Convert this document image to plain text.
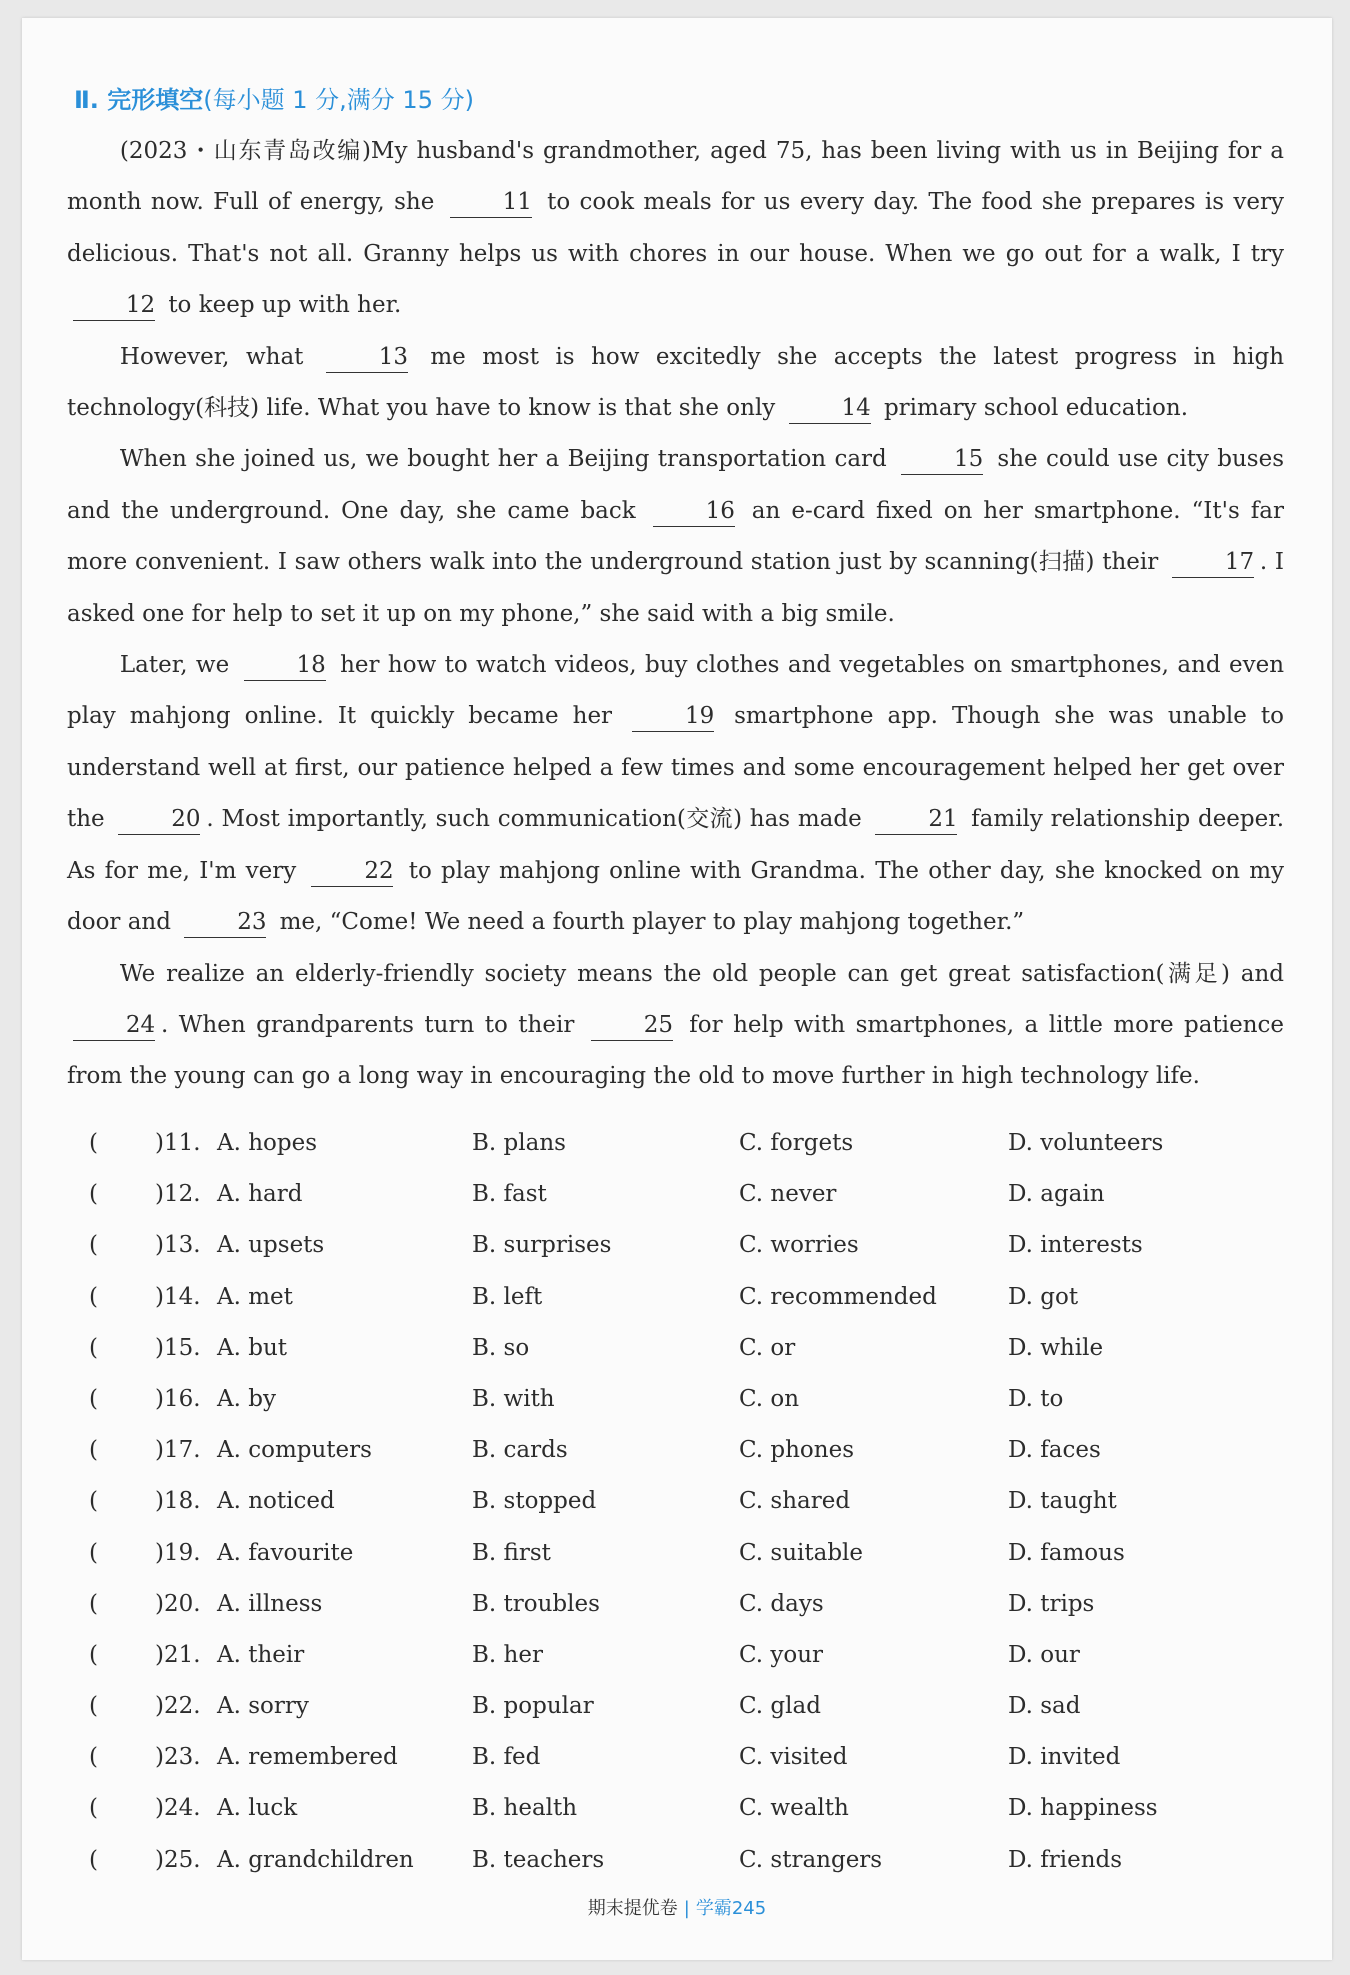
Ⅱ. 完形填空(每小题 1 分,满分 15 分)

(2023・山东青岛改编)My husband's grandmother, aged 75, has been living with us in Beijing for a month now. Full of energy, she	11 to cook meals for us every day. The food she prepares is very delicious. That's not all. Granny helps us with chores in our house. When we go out for a walk, I try 12 to keep up with her.

However, what	13 me most is how excitedly she accepts the latest progress in high technology(科技) life. What you have to know is that she only	14 primary school education.

When she joined us, we bought her a Beijing transportation card	15 she could use city buses and the underground. One day, she came back	16 an e-card fixed on her smartphone. “It's far more convenient. I saw others walk into the underground station just by scanning(扫描) their	17 . I asked one for help to set it up on my phone,” she said with a big smile.

Later, we	18 her how to watch videos, buy clothes and vegetables on smartphones, and even play mahjong online. It quickly became her	19 smartphone app. Though she was unable to understand well at first, our patience helped a few times and some encouragement helped her get over the	20 . Most importantly, such communication(交流) has made	21 family relationship deeper. As for me, I'm very	22 to play mahjong online with Grandma. The other day, she knocked on my door and	23 me, “Come! We need a fourth player to play mahjong together.”

We realize an elderly-friendly society means the old people can get great satisfaction(满足) and 24 . When grandparents turn to their	25 for help with smartphones, a little more patience from the young can go a long way in encouraging the old to move further in high technology life.

( )11. A. hopes	B. plans	C. forgets	D. volunteers
( )12. A. hard	B. fast	C. never	D. again
( )13. A. upsets	B. surprises	C. worries	D. interests
( )14. A. met	B. left	C. recommended	D. got
( )15. A. but	B. so	C. or	D. while
( )16. A. by	B. with	C. on	D. to
( )17. A. computers	B. cards	C. phones	D. faces
( )18. A. noticed	B. stopped	C. shared	D. taught
( )19. A. favourite	B. first	C. suitable	D. famous
( )20. A. illness	B. troubles	C. days	D. trips
( )21. A. their	B. her	C. your	D. our
( )22. A. sorry	B. popular	C. glad	D. sad
( )23. A. remembered	B. fed	C. visited	D. invited
( )24. A. luck	B. health	C. wealth	D. happiness
( )25. A. grandchildren	B. teachers	C. strangers	D. friends
期末提优卷 | 学霸245
